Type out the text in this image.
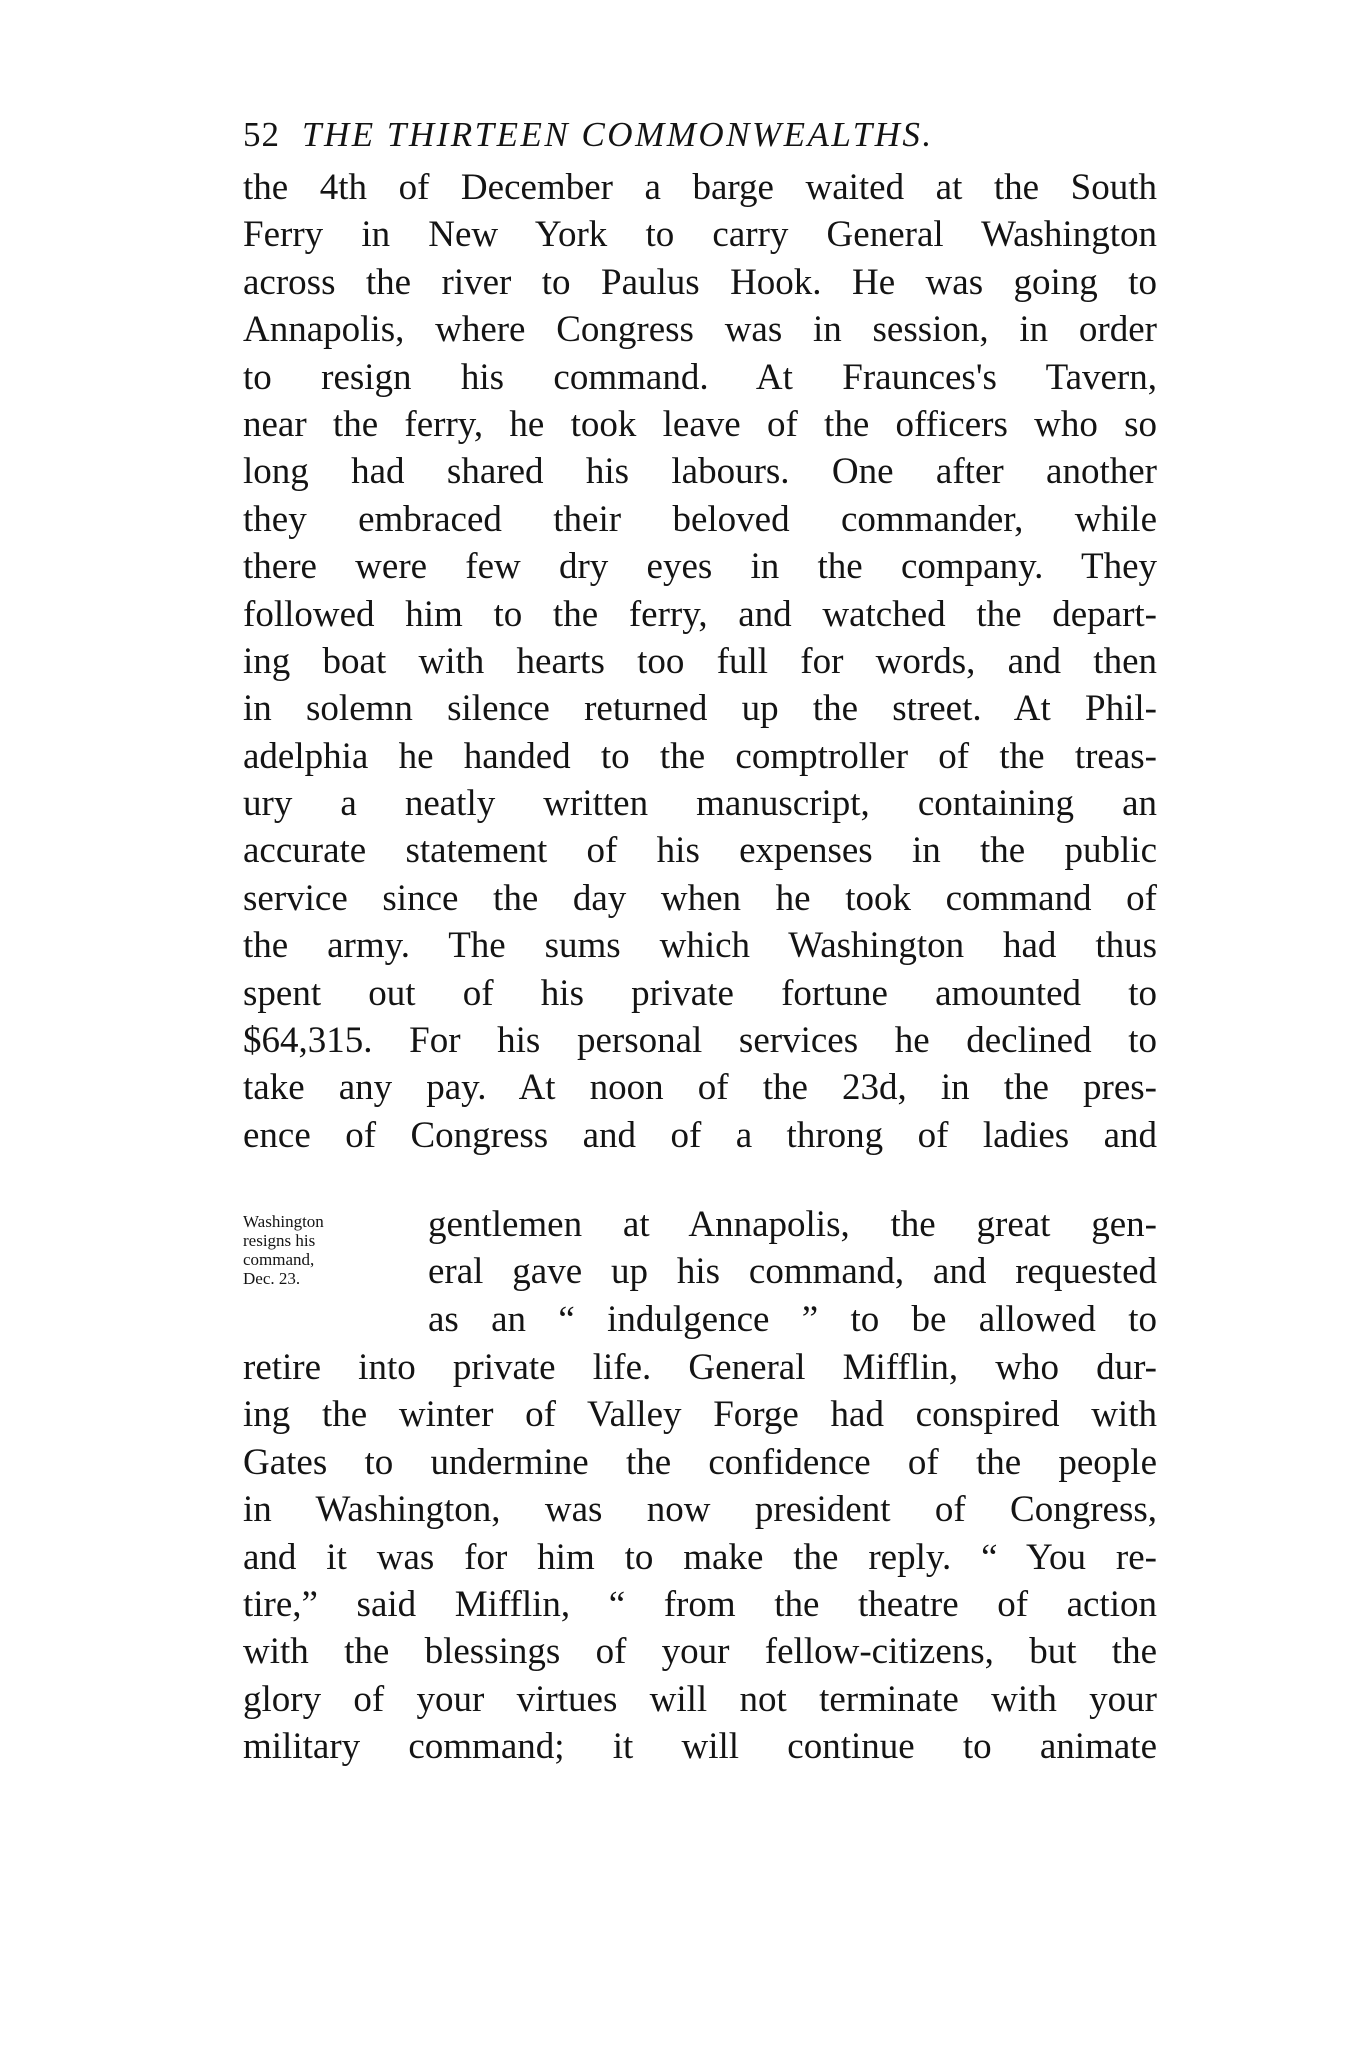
52 THE THIRTEEN COMMONWEALTHS.
the 4th of December a barge waited at the South
Ferry in New York to carry General Washington
across the river to Paulus Hook. He was going to
Annapolis, where Congress was in session, in order
to resign his command. At Fraunces's Tavern,
near the ferry, he took leave of the officers who so
long had shared his labours. One after another
they embraced their beloved commander, while
there were few dry eyes in the company. They
followed him to the ferry, and watched the depart-
ing boat with hearts too full for words, and then
in solemn silence returned up the street. At Phil-
adelphia he handed to the comptroller of the treas-
ury a neatly written manuscript, containing an
accurate statement of his expenses in the public
service since the day when he took command of
the army. The sums which Washington had thus
spent out of his private fortune amounted to
$64,315. For his personal services he declined to
take any pay. At noon of the 23d, in the pres-
ence of Congress and of a throng of ladies and
Washington
resigns his
command,
Dec. 23.
gentlemen at Annapolis, the great gen-
eral gave up his command, and requested
as an “ indulgence ” to be allowed to
retire into private life. General Mifflin, who dur-
ing the winter of Valley Forge had conspired with
Gates to undermine the confidence of the people
in Washington, was now president of Congress,
and it was for him to make the reply. “ You re-
tire,” said Mifflin, “ from the theatre of action
with the blessings of your fellow-citizens, but the
glory of your virtues will not terminate with your
military command; it will continue to animate
